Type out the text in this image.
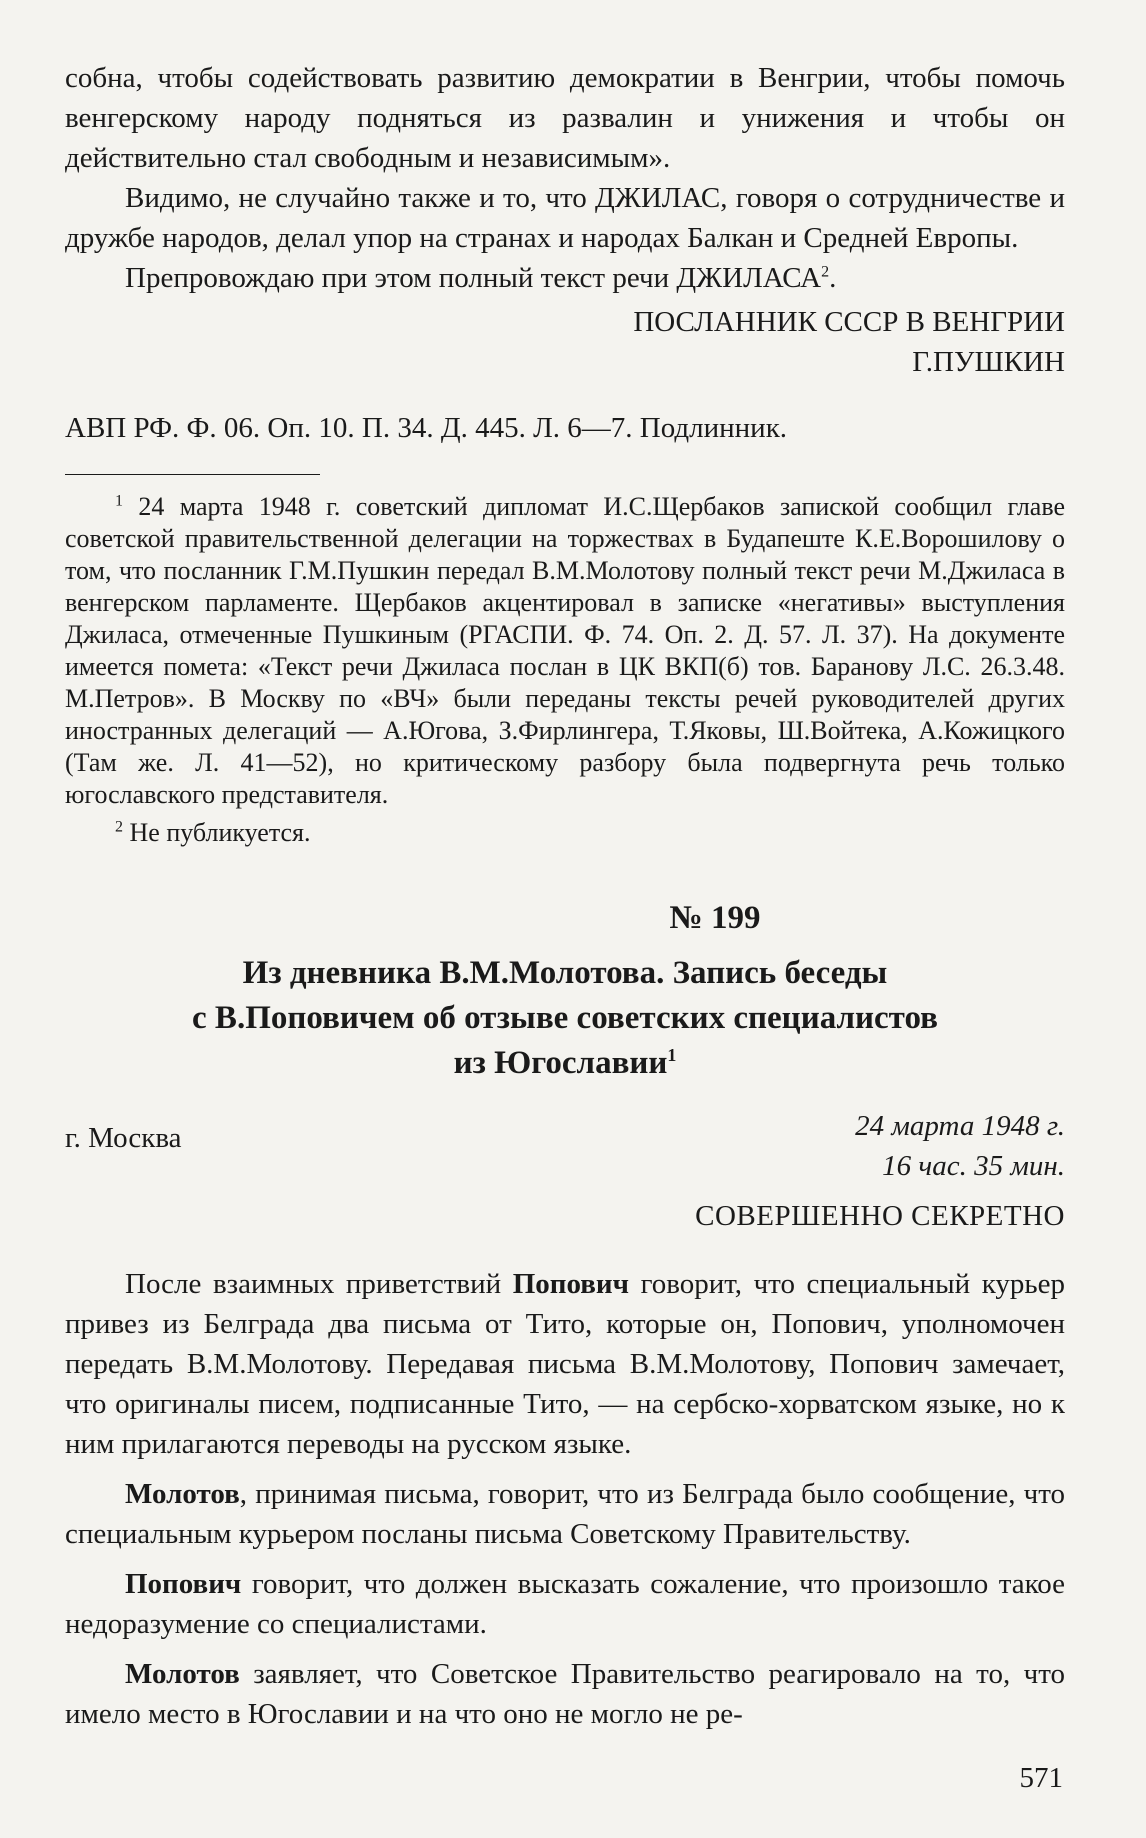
собна, чтобы содействовать развитию демократии в Венгрии, чтобы помочь венгерскому народу подняться из развалин и унижения и чтобы он действительно стал свободным и независимым».

Видимо, не случайно также и то, что ДЖИЛАС, говоря о сотрудничестве и дружбе народов, делал упор на странах и народах Балкан и Средней Европы.

Препровождаю при этом полный текст речи ДЖИЛАСА$^2$.

ПОСЛАННИК СССР В ВЕНГРИИ
Г.ПУШКИН

АВП РФ. Ф. 06. Оп. 10. П. 34. Д. 445. Л. 6—7. Подлинник.

$^1$ 24 марта 1948 г. советский дипломат И.С.Щербаков запиской сообщил главе советской правительственной делегации на торжествах в Будапеште К.Е.Ворошилову о том, что посланник Г.М.Пушкин передал В.М.Молотову полный текст речи М.Джиласа в венгерском парламенте. Щербаков акцентировал в записке «негативы» выступления Джиласа, отмеченные Пушкиным (РГАСПИ. Ф. 74. Оп. 2. Д. 57. Л. 37). На документе имеется помета: «Текст речи Джиласа послан в ЦК ВКП(б) тов. Баранову Л.С. 26.3.48. М.Петров». В Москву по «ВЧ» были переданы тексты речей руководителей других иностранных делегаций — А.Югова, З.Фирлингера, Т.Яковы, Ш.Войтека, А.Кожицкого (Там же. Л. 41—52), но критическому разбору была подвергнута речь только югославского представителя.

$^2$ Не публикуется.

№ 199
Из дневника В.М.Молотова. Запись беседы
с В.Поповичем об отзыве советских специалистов
из Югославии$^1$
г. Москва	24 марта 1948 г.
16 час. 35 мин.
СОВЕРШЕННО СЕКРЕТНО

После взаимных приветствий Попович говорит, что специальный курьер привез из Белграда два письма от Тито, которые он, Попович, уполномочен передать В.М.Молотову. Передавая письма В.М.Молотову, Попович замечает, что оригиналы писем, подписанные Тито, — на сербско-хорватском языке, но к ним прилагаются переводы на русском языке.

Молотов, принимая письма, говорит, что из Белграда было сообщение, что специальным курьером посланы письма Советскому Правительству.

Попович говорит, что должен высказать сожаление, что произошло такое недоразумение со специалистами.

Молотов заявляет, что Советское Правительство реагировало на то, что имело место в Югославии и на что оно не могло не ре-

571
